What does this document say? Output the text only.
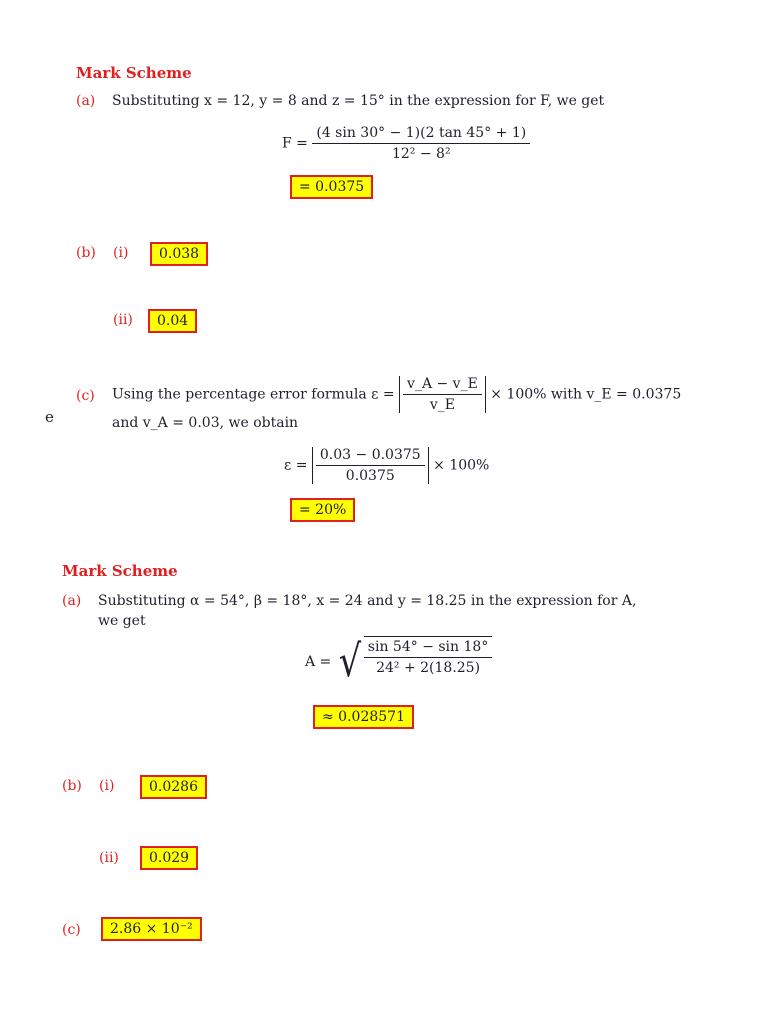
Mark Scheme
(a) Substituting x = 12, y = 8 and z = 15° in the expression for F, we get
$F = \frac{(4 \sin 30^\circ - 1)(2 \tan 45^\circ + 1)}{\text{12² − 8²}}$
= 0.0375
(b) (i)	0.038
(ii)	0.04
e
(c) Using the percentage error formula $\varepsilon = \frac{v\_A - v\_E}{v\_E} \times 100\%$ with v_E = 0.0375
and v_A = 0.03, we obtain
$\varepsilon = \frac{0.03 - 0.0375}{0.0375} \times 100\%$
= 20%
Mark Scheme
(a) Substituting α = 54°, β = 18°, x = 24 and y = 18.25 in the expression for A,
we get
A = √ $\frac{\sin 54^\circ - \sin 18^\circ}{\text{24² + 2(18.25)}}$
≈ 0.028571
(b) (i)	0.0286
(ii)	0.029
(c)	2.86 × 10⁻²
